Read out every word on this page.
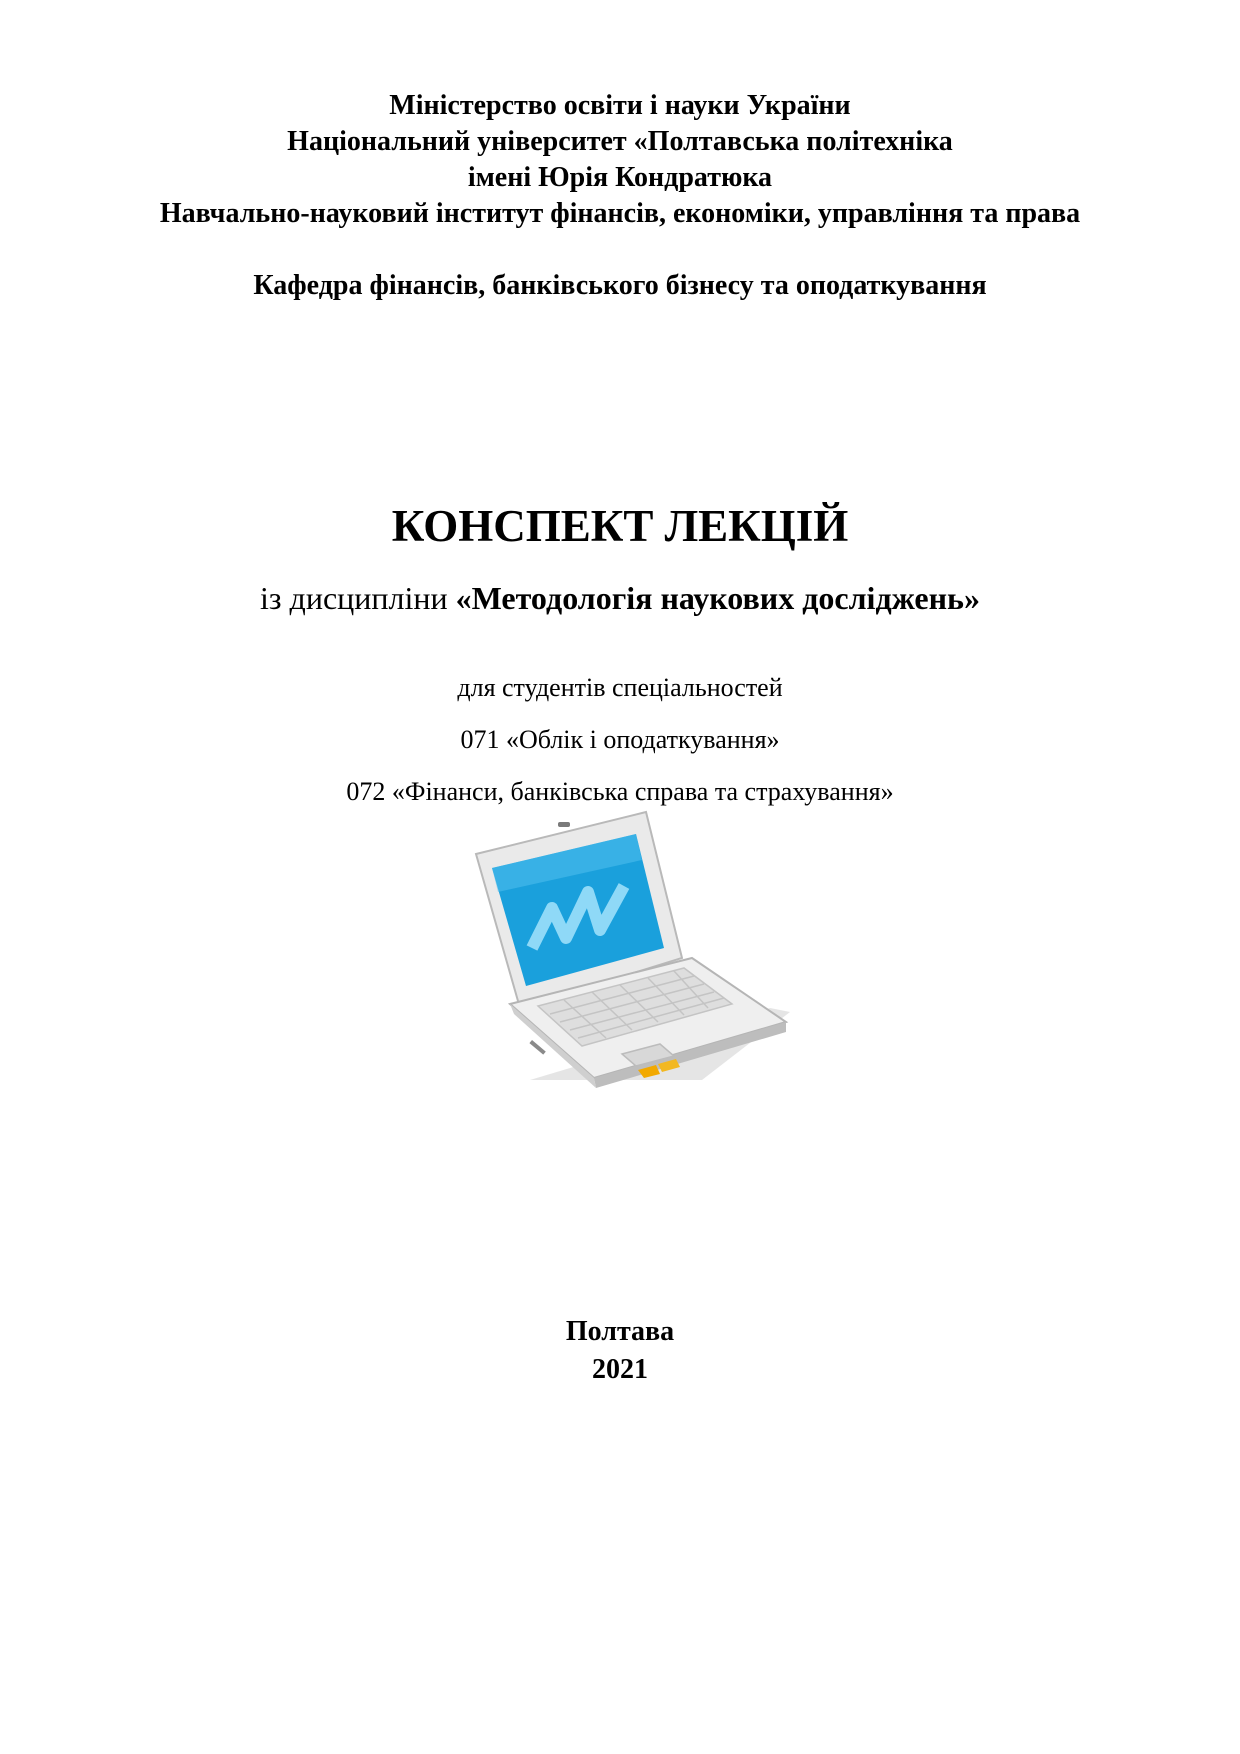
Міністерство освіти і науки України
Національний університет «Полтавська політехніка
імені Юрія Кондратюка
Навчально-науковий інститут фінансів, економіки, управління та права
Кафедра фінансів, банківського бізнесу та оподаткування
КОНСПЕКТ ЛЕКЦІЙ
із дисципліни «Методологія наукових досліджень»
для студентів спеціальностей
071 «Облік і оподаткування»
072 «Фінанси, банківська справа та страхування»
Полтава
2021
